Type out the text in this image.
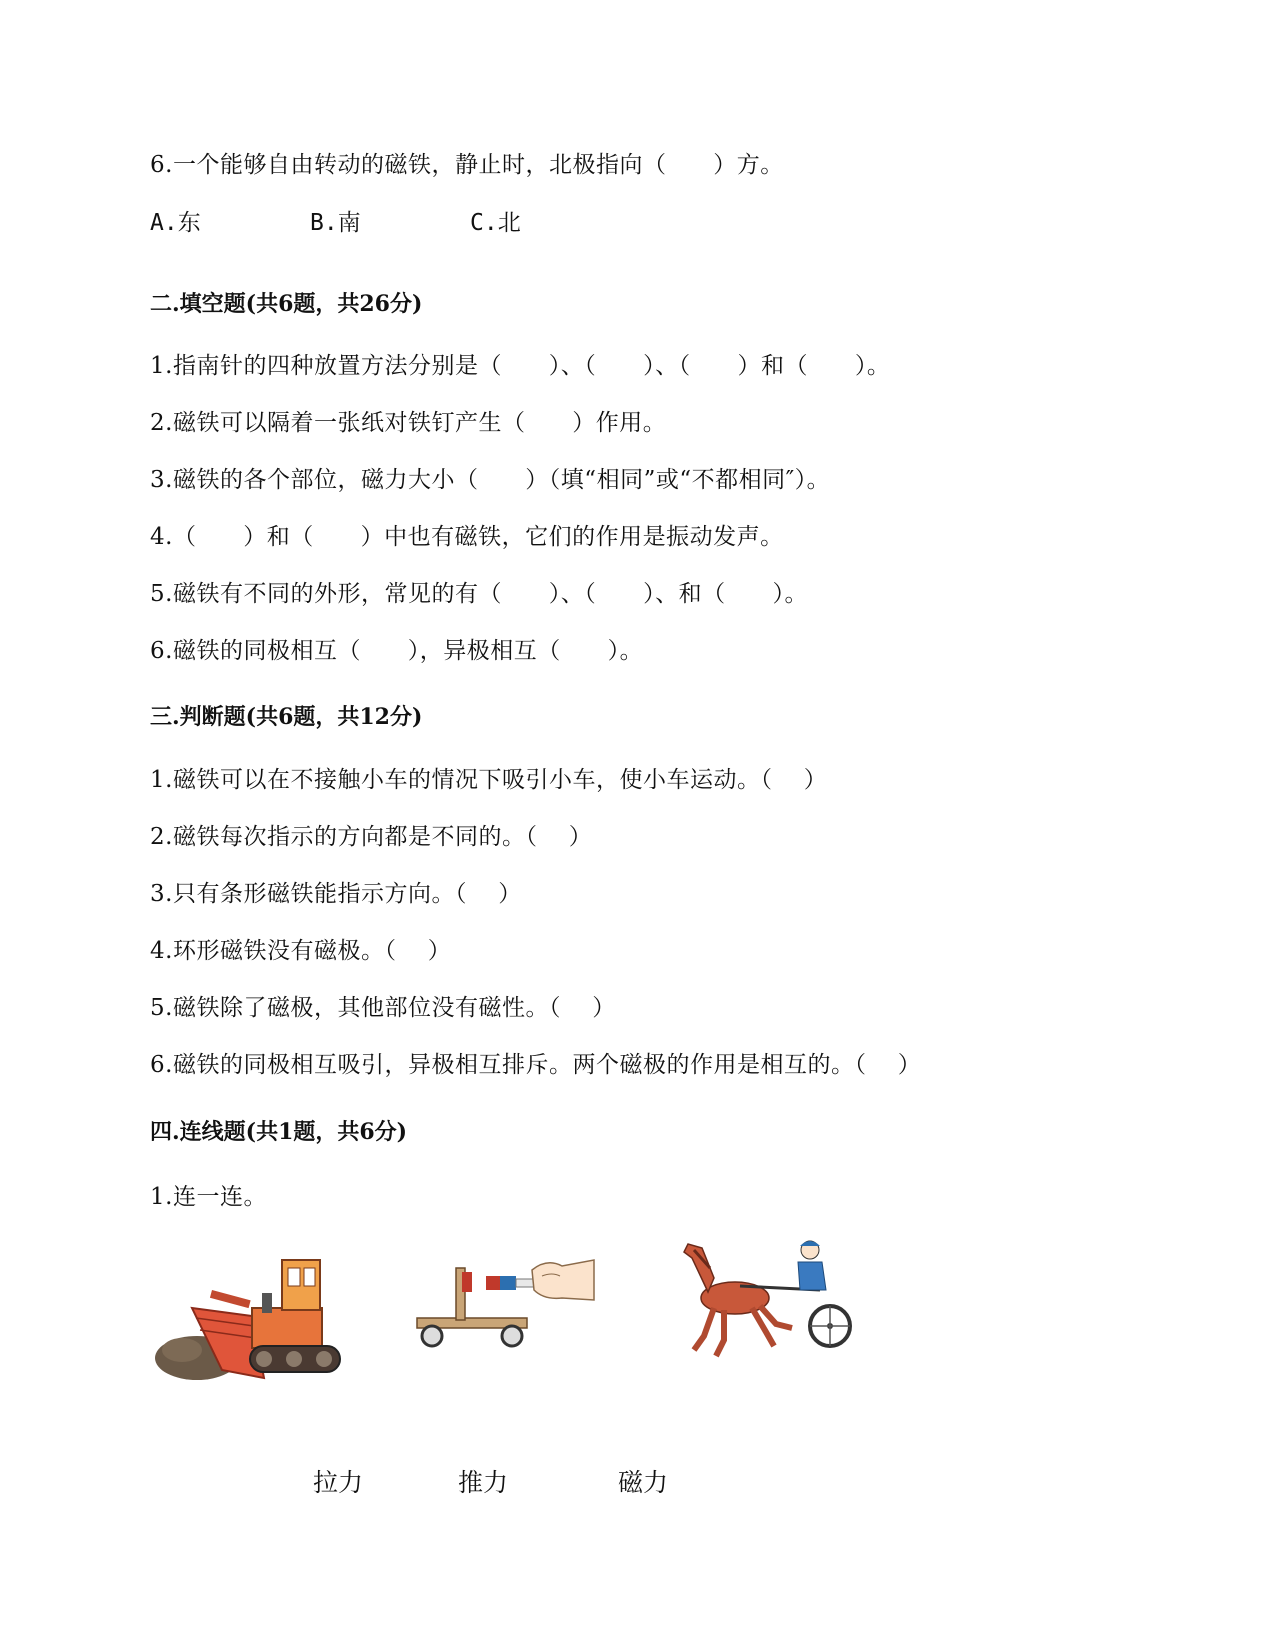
6.一个能够自由转动的磁铁，静止时，北极指向（      ）方。
A.东	B.南	C.北
二.填空题(共6题，共26分)
1.指南针的四种放置方法分别是（      ）、（      ）、（      ）和（      ）。
2.磁铁可以隔着一张纸对铁钉产生（      ）作用。
3.磁铁的各个部位，磁力大小（      ）（填“相同”或“不都相同″）。
4.（      ）和（      ）中也有磁铁，它们的作用是振动发声。
5.磁铁有不同的外形，常见的有（      ）、（      ）、和（      ）。
6.磁铁的同极相互（      ），异极相互（      ）。
三.判断题(共6题，共12分)
1.磁铁可以在不接触小车的情况下吸引小车，使小车运动。（    ）
2.磁铁每次指示的方向都是不同的。（    ）
3.只有条形磁铁能指示方向。（    ）
4.环形磁铁没有磁极。（    ）
5.磁铁除了磁极，其他部位没有磁性。（    ）
6.磁铁的同极相互吸引，异极相互排斥。两个磁极的作用是相互的。（    ）
四.连线题(共1题，共6分)
1.连一连。
拉力	推力	磁力
